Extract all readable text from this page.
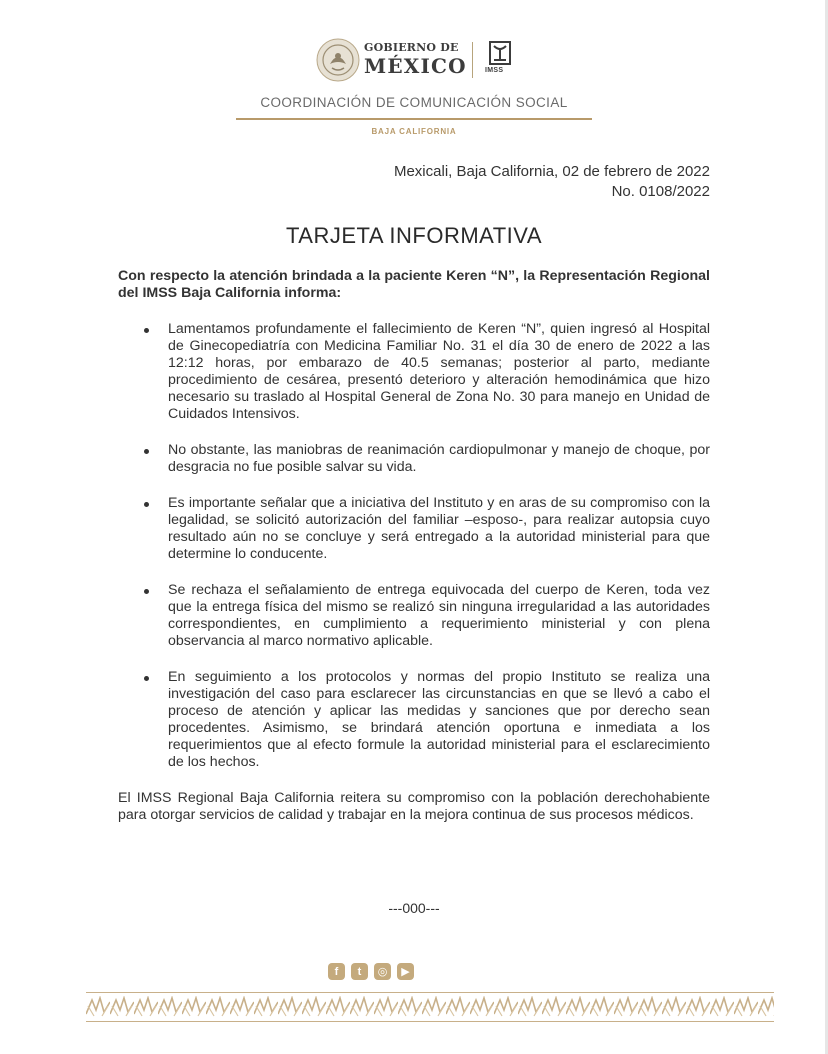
GOBIERNO DE
MÉXICO	IMSS
COORDINACIÓN DE COMUNICACIÓN SOCIAL
BAJA CALIFORNIA
Mexicali, Baja California, 02 de febrero de 2022
No. 0108/2022
TARJETA INFORMATIVA

Con respecto la atención brindada a la paciente Keren “N”, la Representación Regional del IMSS Baja California informa:

Lamentamos profundamente el fallecimiento de Keren “N”, quien ingresó al Hospital de Ginecopediatría con Medicina Familiar No. 31 el día 30 de enero de 2022 a las 12:12 horas, por embarazo de 40.5 semanas; posterior al parto, mediante procedimiento de cesárea, presentó deterioro y alteración hemodinámica que hizo necesario su traslado al Hospital General de Zona No. 30 para manejo en Unidad de Cuidados Intensivos.
No obstante, las maniobras de reanimación cardiopulmonar y manejo de choque, por desgracia no fue posible salvar su vida.
Es importante señalar que a iniciativa del Instituto y en aras de su compromiso con la legalidad, se solicitó autorización del familiar –esposo-, para realizar autopsia cuyo resultado aún no se concluye y será entregado a la autoridad ministerial para que determine lo conducente.
Se rechaza el señalamiento de entrega equivocada del cuerpo de Keren, toda vez que la entrega física del mismo se realizó sin ninguna irregularidad a las autoridades correspondientes, en cumplimiento a requerimiento ministerial y con plena observancia al marco normativo aplicable.
En seguimiento a los protocolos y normas del propio Instituto se realiza una investigación del caso para esclarecer las circunstancias en que se llevó a cabo el proceso de atención y aplicar las medidas y sanciones que por derecho sean procedentes. Asimismo, se brindará atención oportuna e inmediata a los requerimientos que al efecto formule la autoridad ministerial para el esclarecimiento de los hechos.

El IMSS Regional Baja California reitera su compromiso con la población derechohabiente para otorgar servicios de calidad y trabajar en la mejora continua de sus procesos médicos.

---000---
f	t	◎	▶
